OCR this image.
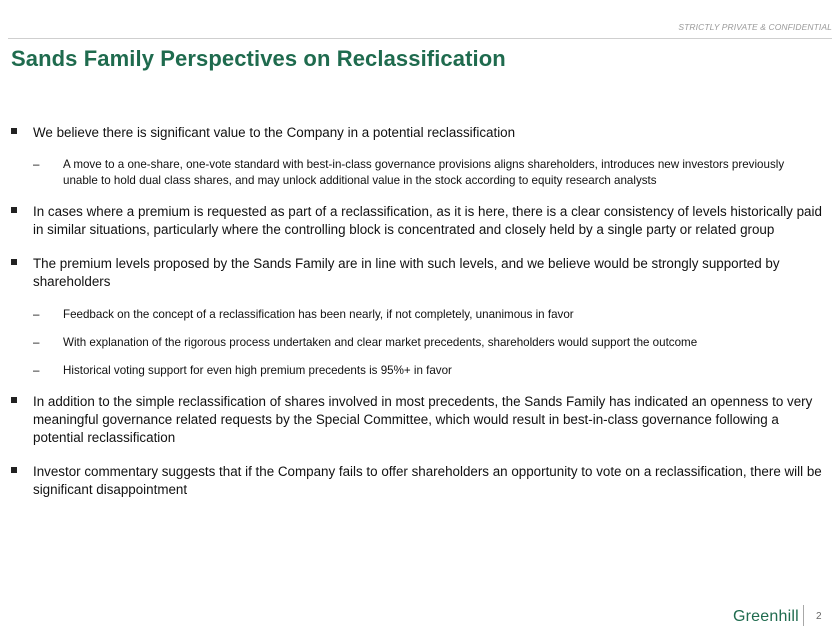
STRICTLY PRIVATE & CONFIDENTIAL
Sands Family Perspectives on Reclassification
We believe there is significant value to the Company in a potential reclassification
– A move to a one-share, one-vote standard with best-in-class governance provisions aligns shareholders, introduces new investors previously unable to hold dual class shares, and may unlock additional value in the stock according to equity research analysts
In cases where a premium is requested as part of a reclassification, as it is here, there is a clear consistency of levels historically paid in similar situations, particularly where the controlling block is concentrated and closely held by a single party or related group
The premium levels proposed by the Sands Family are in line with such levels, and we believe would be strongly supported by shareholders
– Feedback on the concept of a reclassification has been nearly, if not completely, unanimous in favor
– With explanation of the rigorous process undertaken and clear market precedents, shareholders would support the outcome
– Historical voting support for even high premium precedents is 95%+ in favor
In addition to the simple reclassification of shares involved in most precedents, the Sands Family has indicated an openness to very meaningful governance related requests by the Special Committee, which would result in best-in-class governance following a potential reclassification
Investor commentary suggests that if the Company fails to offer shareholders an opportunity to vote on a reclassification, there will be significant disappointment
Greenhill 2
